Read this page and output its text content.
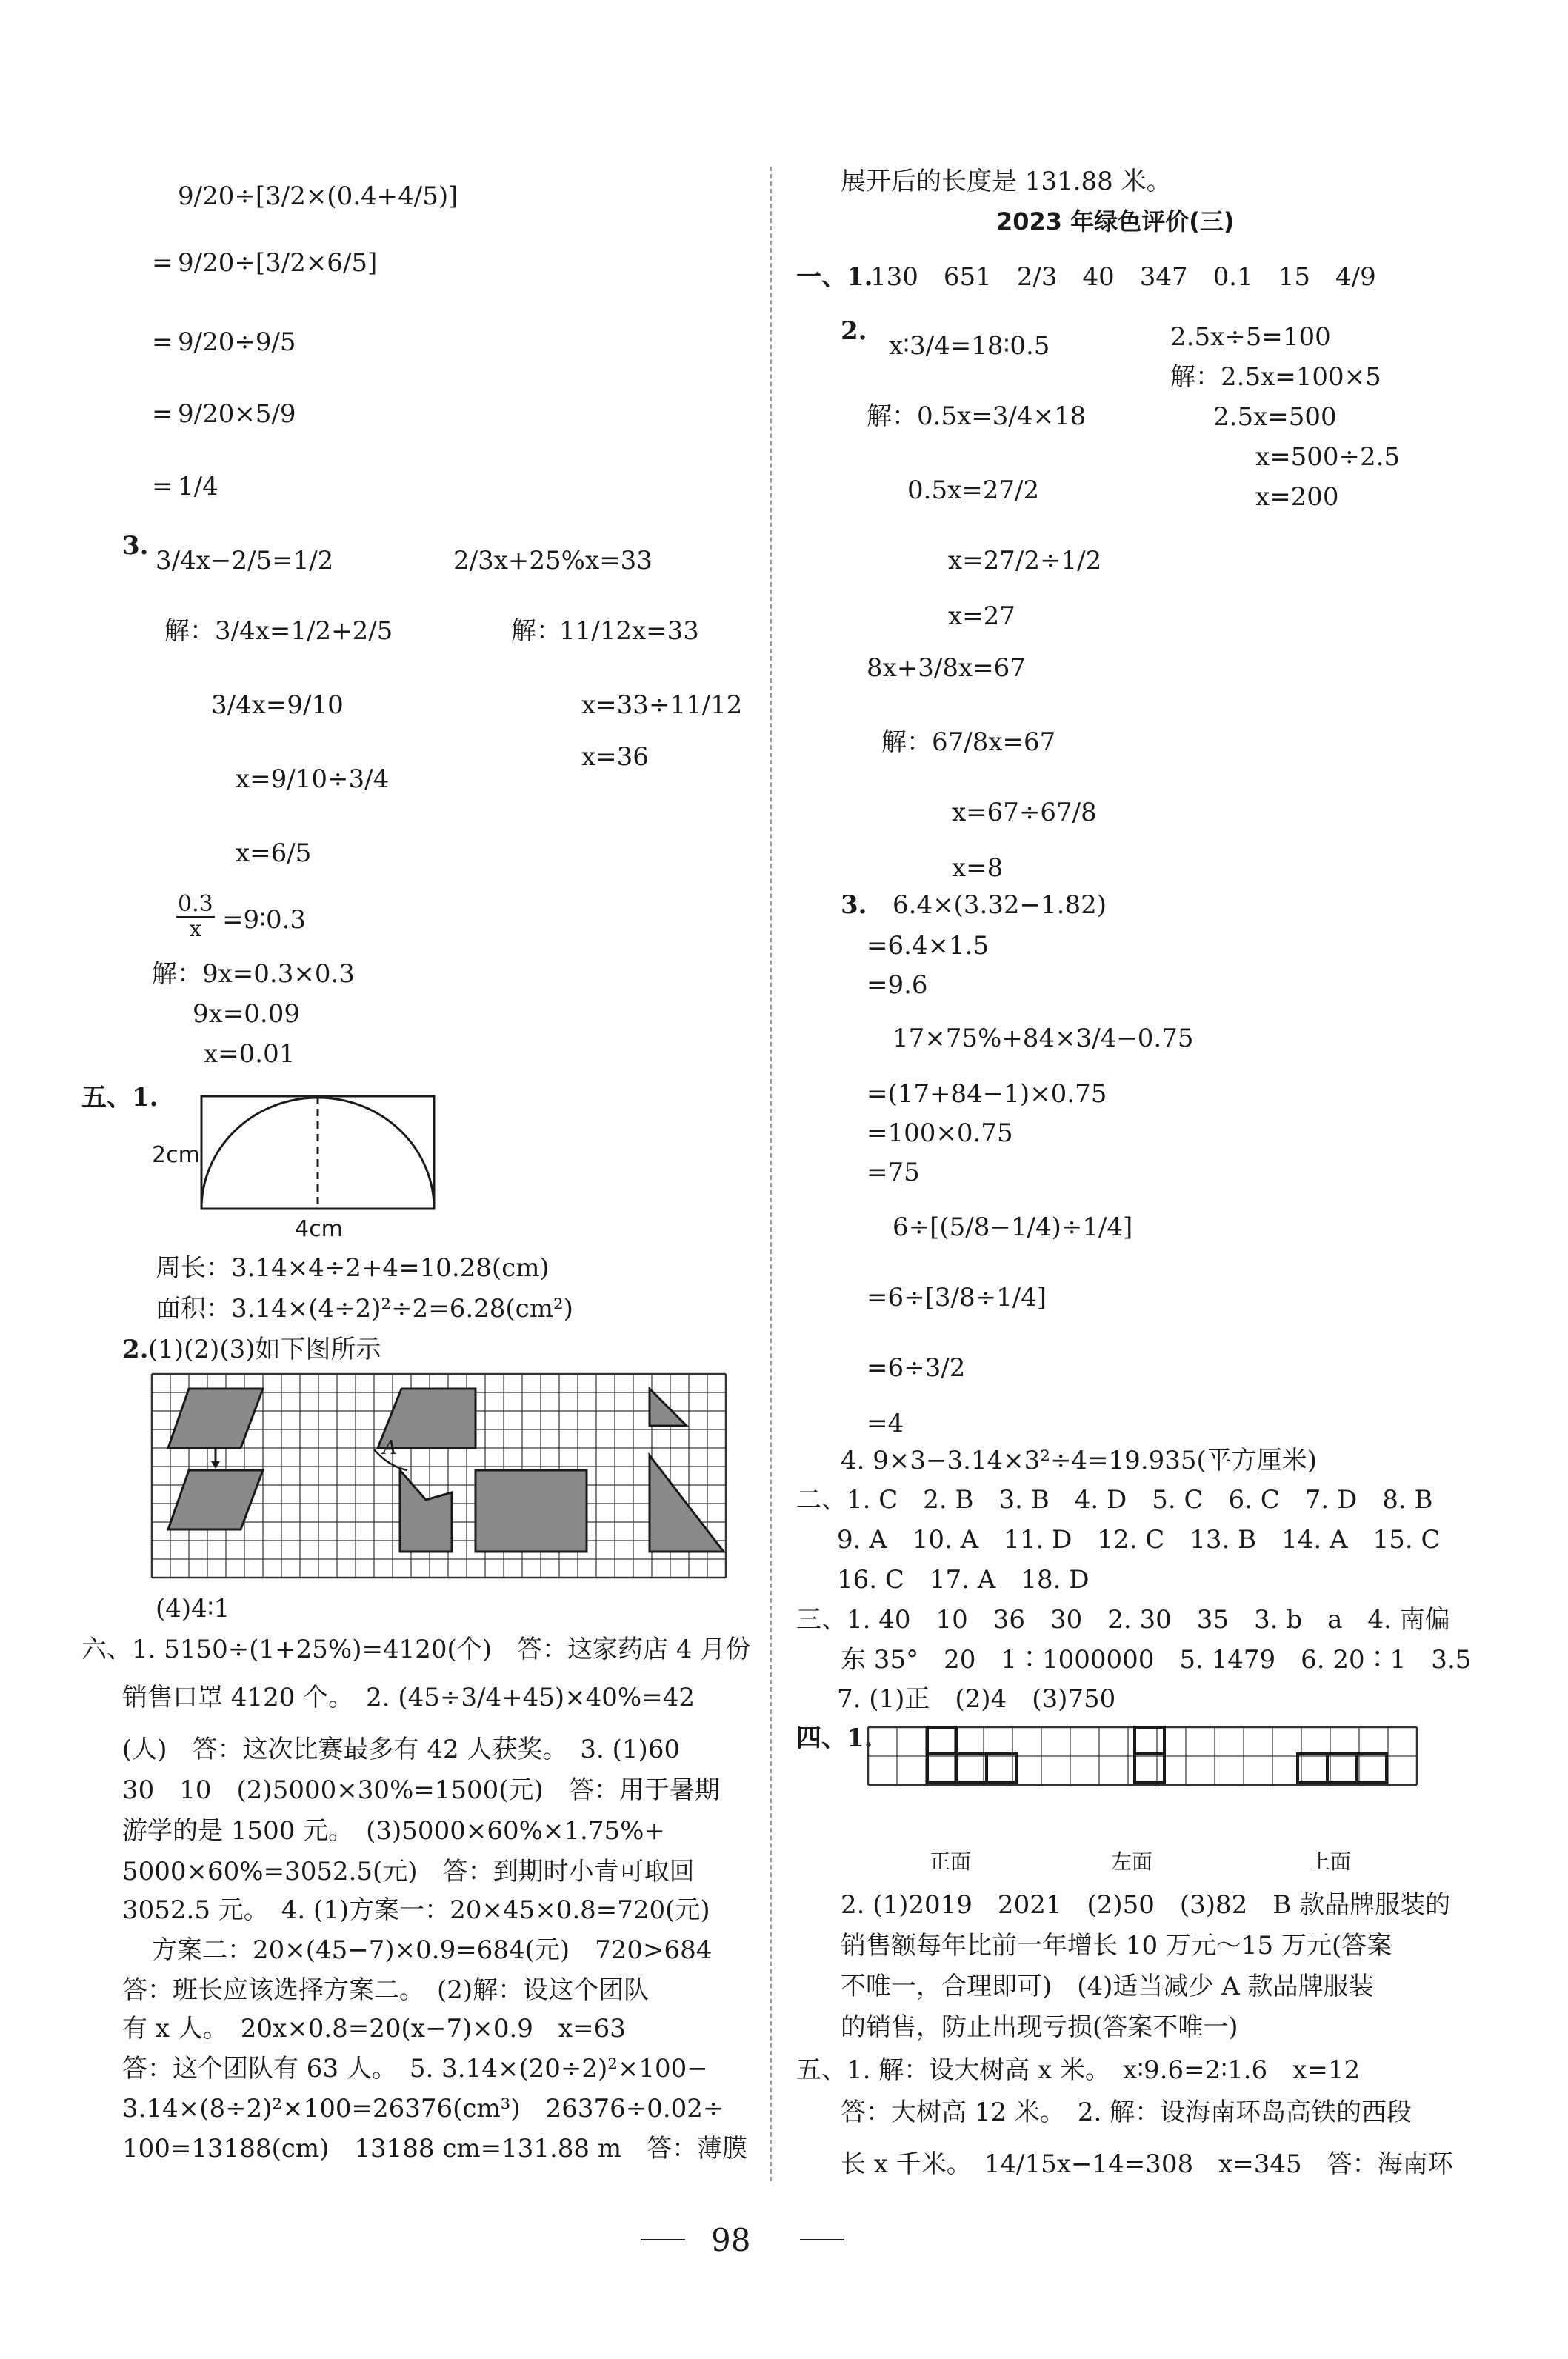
9/20÷[3/2×(0.4+4/5)]
= 9/20÷[3/2×6/5]
= 9/20÷9/5
= 9/20×5/9
= 1/4
3. 3/4x−2/5=1/2
解： 3/4x=1/2+2/5
3/4x=9/10
x=9/10÷3/4
x=6/5
2/3x+25%x=33
解：
11/12x=33
x=33÷11/12
x=36
$\frac{0.3}{x}$ =9∶0.3
解：9x=0.3×0.3
9x=0.09
x=0.01
五、1.
2cm
4cm
周长：3.14×4÷2+4=10.28(cm)
面积：3.14×(4÷2)²÷2=6.28(cm²)
2. (1)(2)(3)如下图所示
A
(4)4∶1
六、1. 5150÷(1+25%)=4120(个)　答：这家药店 4 月份
销售口罩 4120 个。　2. (45÷3/4+45)×40%=42
(人)　答：这次比赛最多有 42 人获奖。　3. (1)60
30　10　(2)5000×30%=1500(元)　答：用于暑期
游学的是 1500 元。　(3)5000×60%×1.75%+
5000×60%=3052.5(元)　答：到期时小青可取回
3052.5 元。　4. (1)方案一：20×45×0.8=720(元)
方案二：20×(45−7)×0.9=684(元)　720>684
答：班长应该选择方案二。　(2)解：设这个团队
有 x 人。　20x×0.8=20(x−7)×0.9　x=63
答：这个团队有 63 人。　5. 3.14×(20÷2)²×100−
3.14×(8÷2)²×100=26376(cm³)　26376÷0.02÷
100=13188(cm)　13188 cm=131.88 m　答：薄膜
展开后的长度是 131.88 米。
2023 年绿色评价(三)
一、1.
130　651　2/3　40　347　0.1　15　4/9
2. x∶3/4=18∶0.5
解：0.5x=3/4×18
0.5x=27/2
x=27/2÷1/2
x=27
2.5x÷5=100
解：2.5x=100×5
2.5x=500
x=500÷2.5
x=200
8x+3/8x=67
解：67/8x=67
x=67÷67/8
x=8
3. 6.4×(3.32−1.82)
=6.4×1.5
=9.6
17×75%+84×3/4−0.75
=(17+84−1)×0.75
=100×0.75
=75
6÷[(5/8−1/4)÷1/4]
=6÷[3/8÷1/4]
=6÷3/2
=4
4. 9×3−3.14×3²÷4=19.935(平方厘米)
二、1. C　2. B　3. B　4. D　5. C　6. C　7. D　8. B
9. A　10. A　11. D　12. C　13. B　14. A　15. C
16. C　17. A　18. D
三、1. 40　10　36　30　2. 30　35　3. b　a　4. 南偏
东 35°　20　1∶1000000　5. 1479　6. 20∶1　3.5
7. (1)正　(2)4　(3)750
四、1.
正面	左面	上面
2. (1)2019　2021　(2)50　(3)82　B 款品牌服装的
销售额每年比前一年增长 10 万元～15 万元(答案
不唯一，合理即可)　(4)适当减少 A 款品牌服装
的销售，防止出现亏损(答案不唯一)
五、1. 解：设大树高 x 米。　x∶9.6=2∶1.6　x=12
答：大树高 12 米。　2. 解：设海南环岛高铁的西段
长 x 千米。　14/15x−14=308　x=345　答：海南环
98
